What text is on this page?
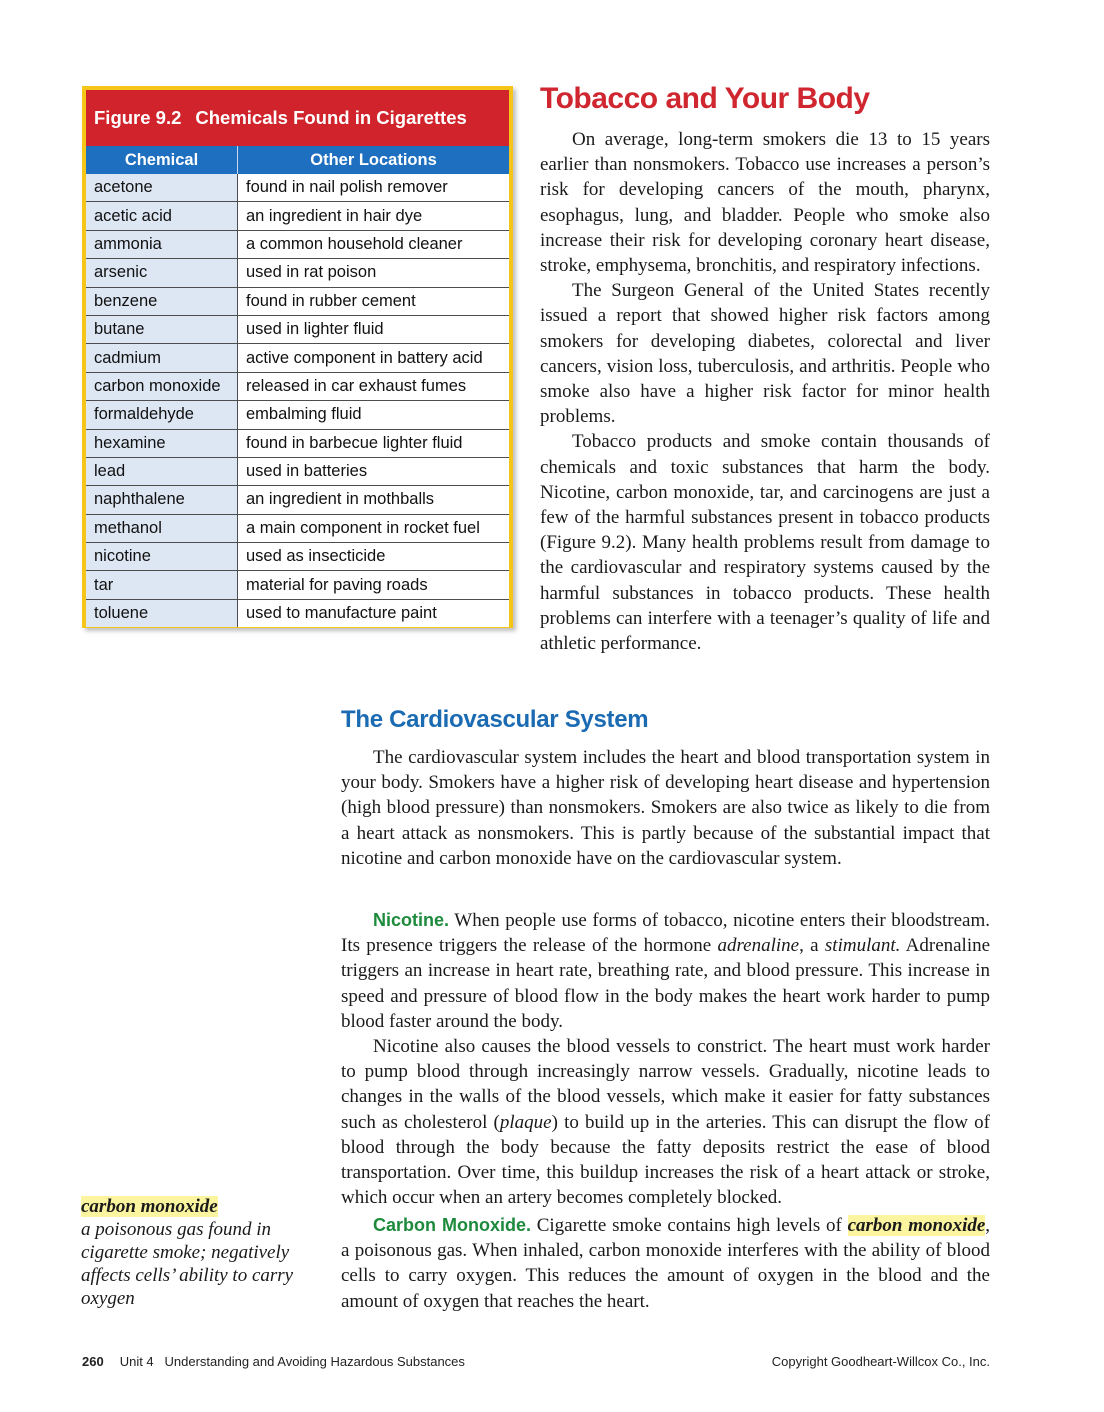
Figure 9.2 Chemicals Found in Cigarettes
Chemical	Other Locations
acetone	found in nail polish remover
acetic acid	an ingredient in hair dye
ammonia	a common household cleaner
arsenic	used in rat poison
benzene	found in rubber cement
butane	used in lighter fluid
cadmium	active component in battery acid
carbon monoxide	released in car exhaust fumes
formaldehyde	embalming fluid
hexamine	found in barbecue lighter fluid
lead	used in batteries
naphthalene	an ingredient in mothballs
methanol	a main component in rocket fuel
nicotine	used as insecticide
tar	material for paving roads
toluene	used to manufacture paint
Tobacco and Your Body

On average, long-term smokers die 13 to 15 years earlier than nonsmokers. Tobacco use increases a person’s risk for developing cancers of the mouth, pharynx, esophagus, lung, and bladder. People who smoke also increase their risk for developing coronary heart disease, stroke, emphysema, bronchitis, and respiratory infections.

The Surgeon General of the United States recently issued a report that showed higher risk factors among smokers for developing diabetes, colorectal and liver cancers, vision loss, tuberculosis, and arthritis. People who smoke also have a higher risk factor for minor health problems.

Tobacco products and smoke contain thousands of chemicals and toxic substances that harm the body. Nicotine, carbon monoxide, tar, and carcinogens are just a few of the harmful substances present in tobacco products (Figure 9.2). Many health problems result from damage to the cardiovascular and respiratory systems caused by the harmful substances in tobacco products. These health problems can interfere with a teenager’s quality of life and athletic performance.

The Cardiovascular System

The cardiovascular system includes the heart and blood transportation system in your body. Smokers have a higher risk of developing heart disease and hypertension (high blood pressure) than nonsmokers. Smokers are also twice as likely to die from a heart attack as nonsmokers. This is partly because of the substantial impact that nicotine and carbon monoxide have on the cardiovascular system.

Nicotine. When people use forms of tobacco, nicotine enters their bloodstream. Its presence triggers the release of the hormone adrenaline, a stimulant. Adrenaline triggers an increase in heart rate, breathing rate, and blood pressure. This increase in speed and pressure of blood flow in the body makes the heart work harder to pump blood faster around the body.

Nicotine also causes the blood vessels to constrict. The heart must work harder to pump blood through increasingly narrow vessels. Gradually, nicotine leads to changes in the walls of the blood vessels, which make it easier for fatty substances such as cholesterol (plaque) to build up in the arteries. This can disrupt the flow of blood through the body because the fatty deposits restrict the ease of blood transportation. Over time, this buildup increases the risk of a heart attack or stroke, which occur when an artery becomes completely blocked.

Carbon Monoxide. Cigarette smoke contains high levels of carbon monoxide, a poisonous gas. When inhaled, carbon monoxide interferes with the ability of blood cells to carry oxygen. This reduces the amount of oxygen in the blood and the amount of oxygen that reaches the heart.

carbon monoxide
a poisonous gas found in cigarette smoke; negatively affects cells’ ability to carry oxygen
260 Unit 4   Understanding and Avoiding Hazardous Substances	Copyright Goodheart-Willcox Co., Inc.
